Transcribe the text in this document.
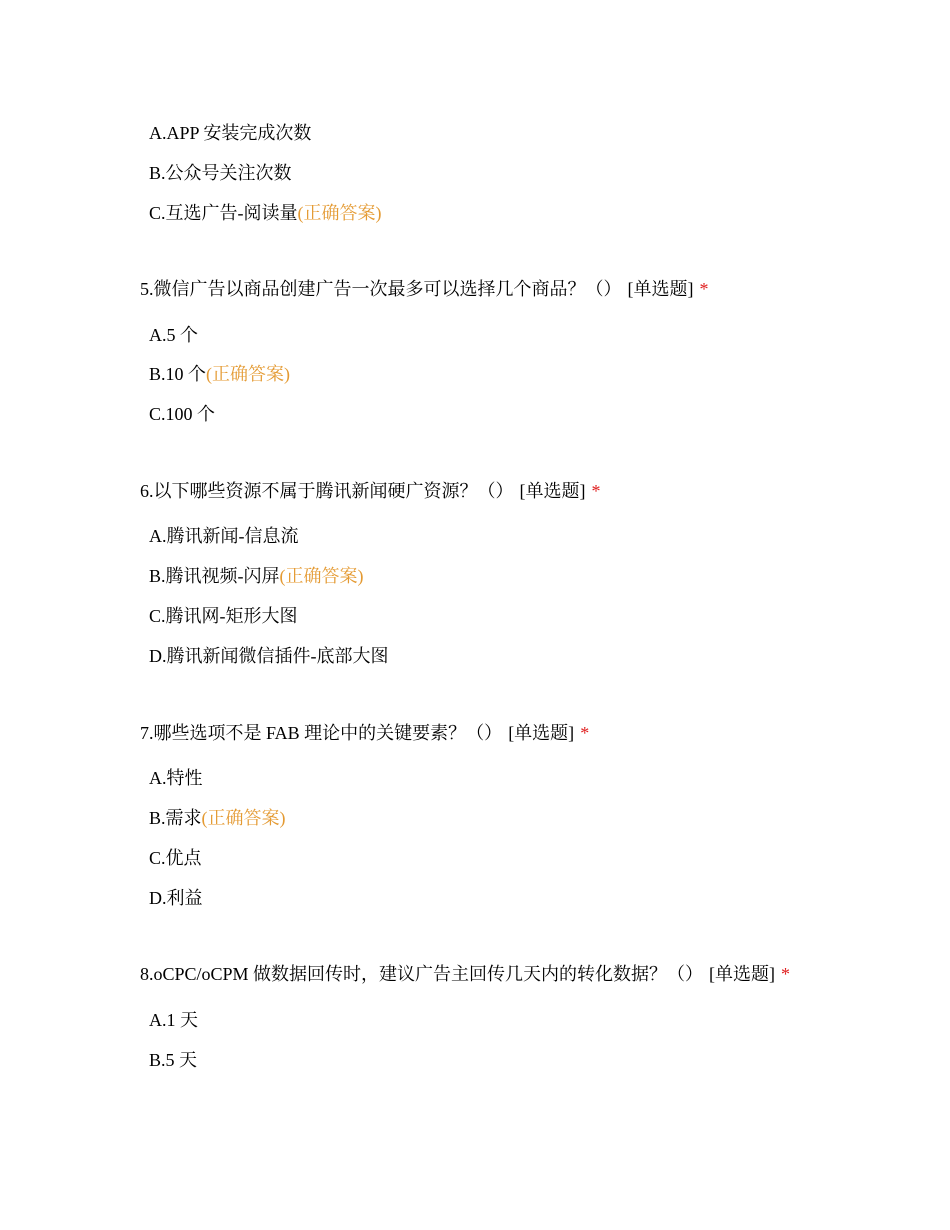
A.APP 安装完成次数
B.公众号关注次数
C.互选广告-阅读量(正确答案)
5.微信广告以商品创建广告一次最多可以选择几个商品？（） [单选题] *
A.5 个
B.10 个(正确答案)
C.100 个
6.以下哪些资源不属于腾讯新闻硬广资源？（） [单选题] *
A.腾讯新闻-信息流
B.腾讯视频-闪屏(正确答案)
C.腾讯网-矩形大图
D.腾讯新闻微信插件-底部大图
7.哪些选项不是 FAB 理论中的关键要素？（） [单选题] *
A.特性
B.需求(正确答案)
C.优点
D.利益
8.oCPC/oCPM 做数据回传时，建议广告主回传几天内的转化数据？（） [单选题] *
A.1 天
B.5 天
